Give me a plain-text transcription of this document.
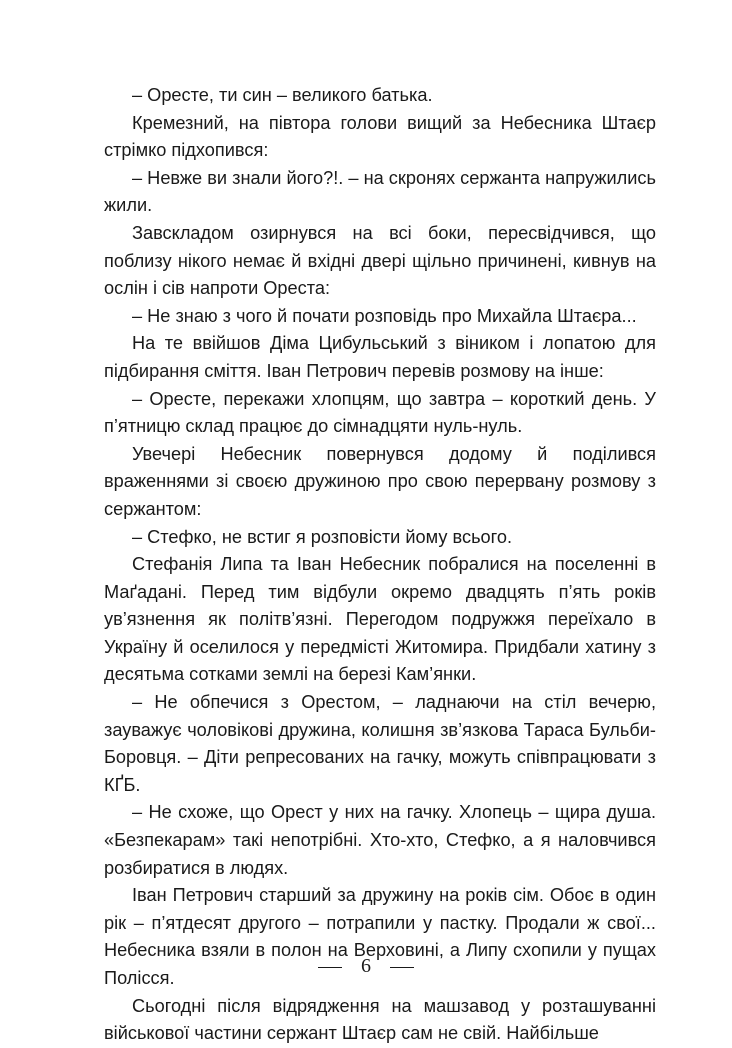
– Оресте, ти син – великого батька.

Кремезний, на півтора голови вищий за Небесника Штаєр стрімко підхопився:

– Невже ви знали його?!. – на скронях сержанта напружились жили.

Завскладом озирнувся на всі боки, пересвідчився, що поблизу нікого немає й вхідні двері щільно причинені, кивнув на ослін і сів напроти Ореста:

– Не знаю з чого й почати розповідь про Михайла Штаєра...

На те ввійшов Діма Цибульський з віником і лопатою для підбирання сміття. Іван Петрович перевів розмову на інше:

– Оресте, перекажи хлопцям, що завтра – короткий день. У п’ятницю склад працює до сімнадцяти нуль-нуль.

Увечері Небесник повернувся додому й поділився враженнями зі своєю дружиною про свою перервану розмову з сержантом:

– Стефко, не встиг я розповісти йому всього.

Стефанія Липа та Іван Небесник побралися на поселенні в Маґадані. Перед тим відбули окремо двадцять п’ять років ув’язнення як політв’язні. Перегодом подружжя переїхало в Україну й оселилося у передмісті Житомира. Придбали хатину з десятьма сотками землі на березі Кам’янки.

– Не обпечися з Орестом, – ладнаючи на стіл вечерю, зауважує чоловікові дружина, колишня зв’язкова Тараса Бульби-Боровця. – Діти репресованих на гачку, можуть співпрацювати з КҐБ.

– Не схоже, що Орест у них на гачку. Хлопець – щира душа. «Безпекарам» такі непотрібні. Хто-хто, Стефко, а я наловчився розбиратися в людях.

Іван Петрович старший за дружину на років сім. Обоє в один рік – п’ятдесят другого – потрапили у пастку. Продали ж свої... Небесника взяли в полон на Верховині, а Липу схопили у пущах Полісся.

Сьогодні після відрядження на машзавод у розташуванні військової частини сержант Штаєр сам не свій. Найбільше

6
